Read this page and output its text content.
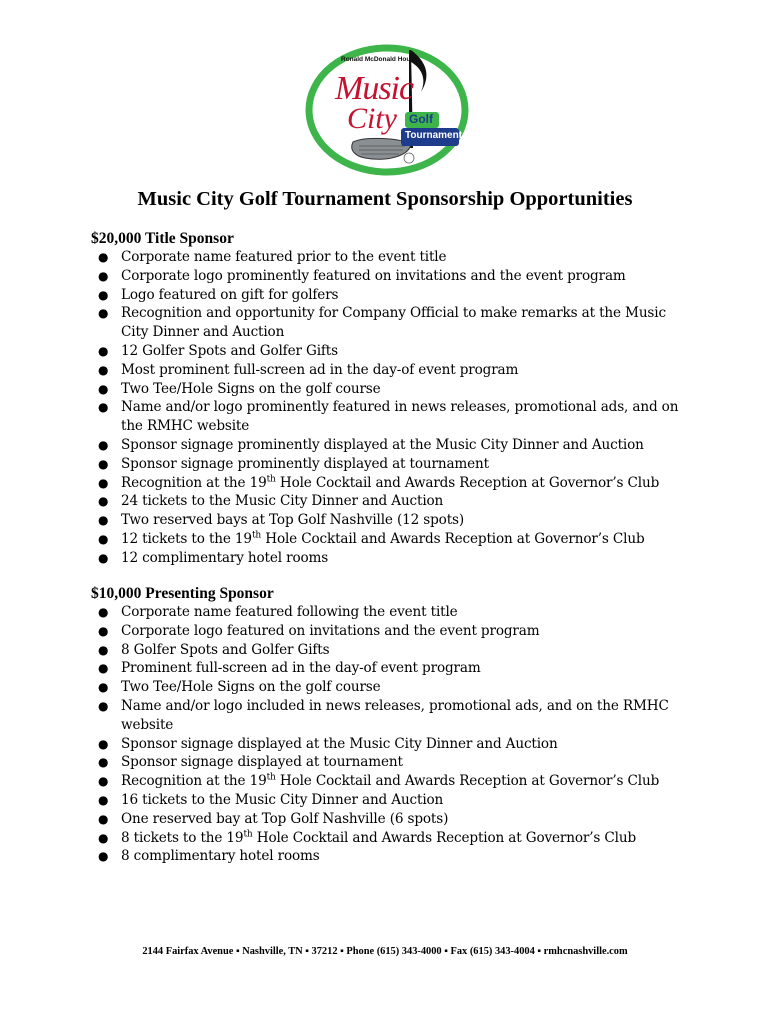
Ronald McDonald House
Music
City Golf
Tournament
Music City Golf Tournament Sponsorship Opportunities
$20,000 Title Sponsor
● Corporate name featured prior to the event title
● Corporate logo prominently featured on invitations and the event program
● Logo featured on gift for golfers
● Recognition and opportunity for Company Official to make remarks at the Music
City Dinner and Auction
● 12 Golfer Spots and Golfer Gifts
● Most prominent full-screen ad in the day-of event program
● Two Tee/Hole Signs on the golf course
● Name and/or logo prominently featured in news releases, promotional ads, and on
the RMHC website
● Sponsor signage prominently displayed at the Music City Dinner and Auction
● Sponsor signage prominently displayed at tournament
● Recognition at the 19th Hole Cocktail and Awards Reception at Governor’s Club
● 24 tickets to the Music City Dinner and Auction
● Two reserved bays at Top Golf Nashville (12 spots)
● 12 tickets to the 19th Hole Cocktail and Awards Reception at Governor’s Club
● 12 complimentary hotel rooms
$10,000 Presenting Sponsor
● Corporate name featured following the event title
● Corporate logo featured on invitations and the event program
● 8 Golfer Spots and Golfer Gifts
● Prominent full-screen ad in the day-of event program
● Two Tee/Hole Signs on the golf course
● Name and/or logo included in news releases, promotional ads, and on the RMHC
website
● Sponsor signage displayed at the Music City Dinner and Auction
● Sponsor signage displayed at tournament
● Recognition at the 19th Hole Cocktail and Awards Reception at Governor’s Club
● 16 tickets to the Music City Dinner and Auction
● One reserved bay at Top Golf Nashville (6 spots)
● 8 tickets to the 19th Hole Cocktail and Awards Reception at Governor’s Club
● 8 complimentary hotel rooms
2144 Fairfax Avenue ▪ Nashville, TN ▪ 37212 ▪ Phone (615) 343-4000 ▪ Fax (615) 343-4004 ▪ rmhcnashville.com
